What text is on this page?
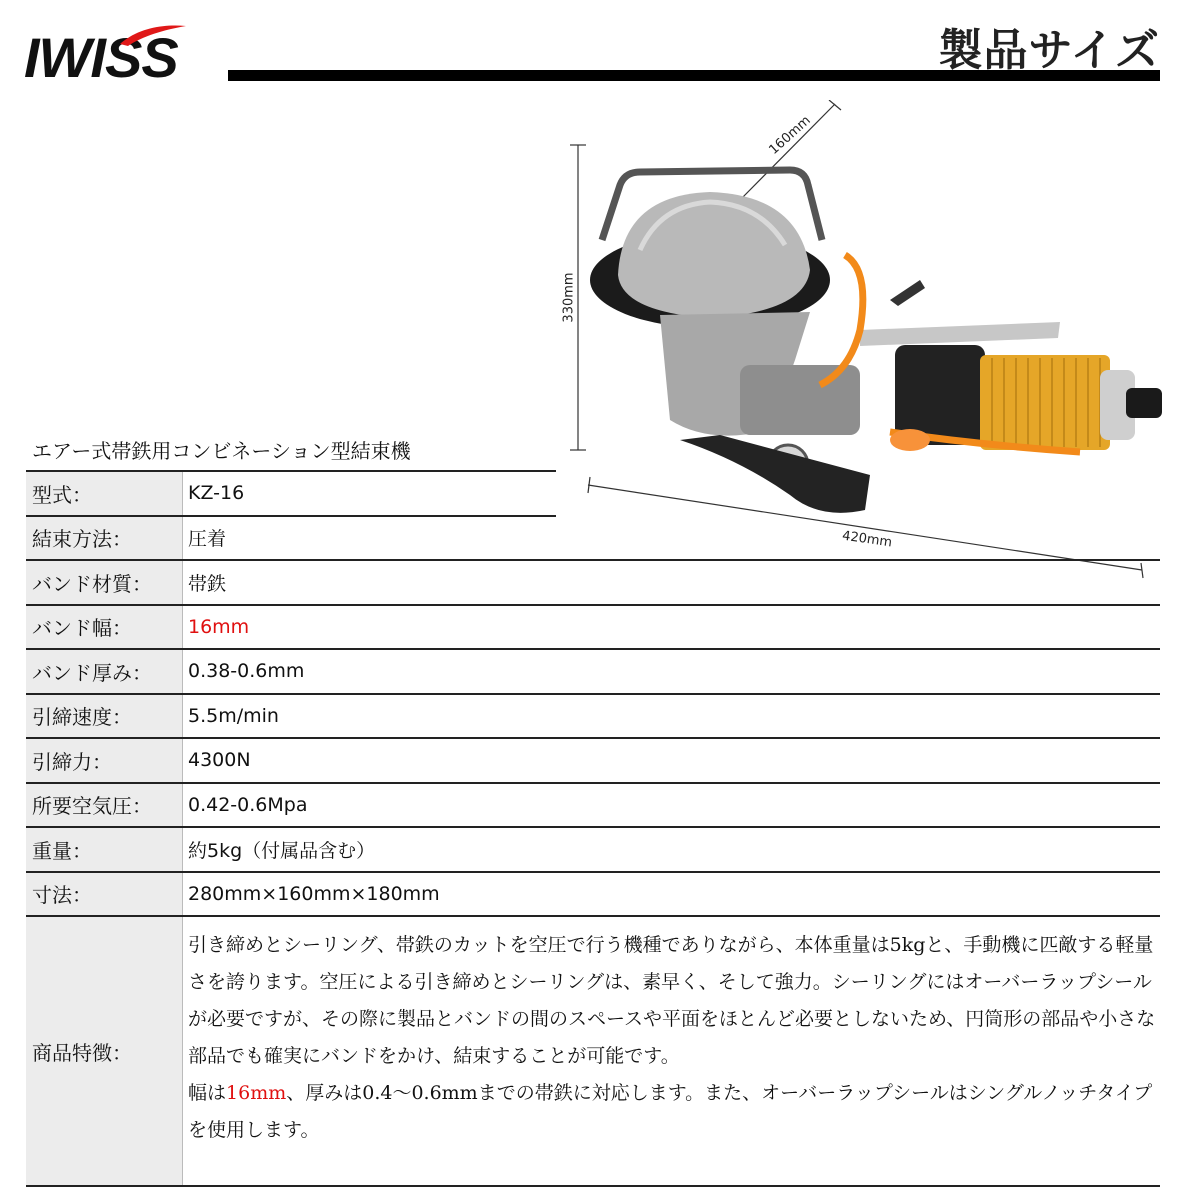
IWISS	製品サイズ
160mm
330mm
420mm
エアー式帯鉄用コンビネーション型結束機
型式：	KZ-16
結束方法：	圧着
バンド材質：	帯鉄
バンド幅：	16mm
バンド厚み：	0.38-0.6mm
引締速度：	5.5m/min
引締力：	4300N
所要空気圧：	0.42-0.6Mpa
重量：	約5kg（付属品含む）
寸法：	280mm×160mm×180mm
商品特徴：
引き締めとシーリング、帯鉄のカットを空圧で行う機種でありながら、本体重量は5kgと、手動機に匹敵する軽量さを誇ります。空圧による引き締めとシーリングは、素早く、そして強力。シーリングにはオーバーラップシールが必要ですが、その際に製品とバンドの間のスペースや平面をほとんど必要としないため、円筒形の部品や小さな部品でも確実にバンドをかけ、結束することが可能です。
幅は16mm、厚みは0.4～0.6mmまでの帯鉄に対応します。また、オーバーラップシールはシングルノッチタイプを使用します。
